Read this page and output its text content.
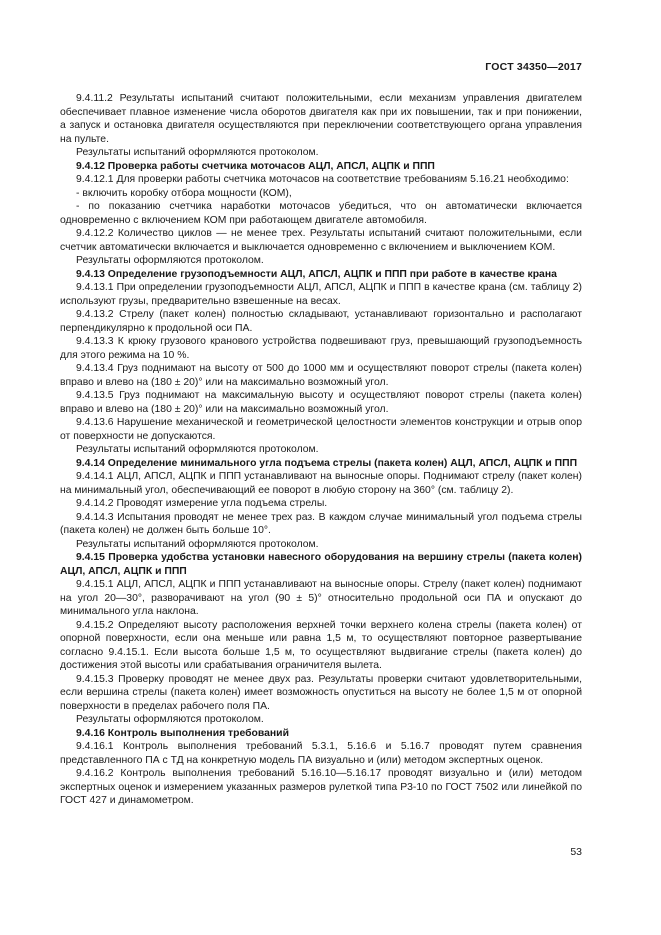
ГОСТ 34350—2017

9.4.11.2 Результаты испытаний считают положительными, если механизм управления двигателем обеспечивает плавное изменение числа оборотов двигателя как при их повышении, так и при понижении, а запуск и остановка двигателя осуществляются при переключении соответствующего органа управления на пульте.

Результаты испытаний оформляются протоколом.

9.4.12 Проверка работы счетчика моточасов АЦЛ, АПСЛ, АЦПК и ППП

9.4.12.1 Для проверки работы счетчика моточасов на соответствие требованиям 5.16.21 необходимо:

- включить коробку отбора мощности (КОМ),

- по показанию счетчика наработки моточасов убедиться, что он автоматически включается одновременно с включением КОМ при работающем двигателе автомобиля.

9.4.12.2 Количество циклов — не менее трех. Результаты испытаний считают положительными, если счетчик автоматически включается и выключается одновременно с включением и выключением КОМ.

Результаты оформляются протоколом.

9.4.13 Определение грузоподъемности АЦЛ, АПСЛ, АЦПК и ППП при работе в качестве крана

9.4.13.1 При определении грузоподъемности АЦЛ, АПСЛ, АЦПК и ППП в качестве крана (см. таблицу 2) используют грузы, предварительно взвешенные на весах.

9.4.13.2 Стрелу (пакет колен) полностью складывают, устанавливают горизонтально и располагают перпендикулярно к продольной оси ПА.

9.4.13.3 К крюку грузового кранового устройства подвешивают груз, превышающий грузоподъемность для этого режима на 10 %.

9.4.13.4 Груз поднимают на высоту от 500 до 1000 мм и осуществляют поворот стрелы (пакета колен) вправо и влево на (180 ± 20)° или на максимально возможный угол.

9.4.13.5 Груз поднимают на максимальную высоту и осуществляют поворот стрелы (пакета колен) вправо и влево на (180 ± 20)° или на максимально возможный угол.

9.4.13.6 Нарушение механической и геометрической целостности элементов конструкции и отрыв опор от поверхности не допускаются.

Результаты испытаний оформляются протоколом.

9.4.14 Определение минимального угла подъема стрелы (пакета колен) АЦЛ, АПСЛ, АЦПК и ППП

9.4.14.1 АЦЛ, АПСЛ, АЦПК и ППП устанавливают на выносные опоры. Поднимают стрелу (пакет колен) на минимальный угол, обеспечивающий ее поворот в любую сторону на 360° (см. таблицу 2).

9.4.14.2 Проводят измерение угла подъема стрелы.

9.4.14.3 Испытания проводят не менее трех раз. В каждом случае минимальный угол подъема стрелы (пакета колен) не должен быть больше 10°.

Результаты испытаний оформляются протоколом.

9.4.15 Проверка удобства установки навесного оборудования на вершину стрелы (пакета колен) АЦЛ, АПСЛ, АЦПК и ППП

9.4.15.1 АЦЛ, АПСЛ, АЦПК и ППП устанавливают на выносные опоры. Стрелу (пакет колен) поднимают на угол 20—30°, разворачивают на угол (90 ± 5)° относительно продольной оси ПА и опускают до минимального угла наклона.

9.4.15.2 Определяют высоту расположения верхней точки верхнего колена стрелы (пакета колен) от опорной поверхности, если она меньше или равна 1,5 м, то осуществляют повторное развертывание согласно 9.4.15.1. Если высота больше 1,5 м, то осуществляют выдвигание стрелы (пакета колен) до достижения этой высоты или срабатывания ограничителя вылета.

9.4.15.3 Проверку проводят не менее двух раз. Результаты проверки считают удовлетворительными, если вершина стрелы (пакета колен) имеет возможность опуститься на высоту не более 1,5 м от опорной поверхности в пределах рабочего поля ПА.

Результаты оформляются протоколом.

9.4.16 Контроль выполнения требований

9.4.16.1 Контроль выполнения требований 5.3.1, 5.16.6 и 5.16.7 проводят путем сравнения представленного ПА с ТД на конкретную модель ПА визуально и (или) методом экспертных оценок.

9.4.16.2 Контроль выполнения требований 5.16.10—5.16.17 проводят визуально и (или) методом экспертных оценок и измерением указанных размеров рулеткой типа Р3-10 по ГОСТ 7502 или линейкой по ГОСТ 427 и динамометром.

53
